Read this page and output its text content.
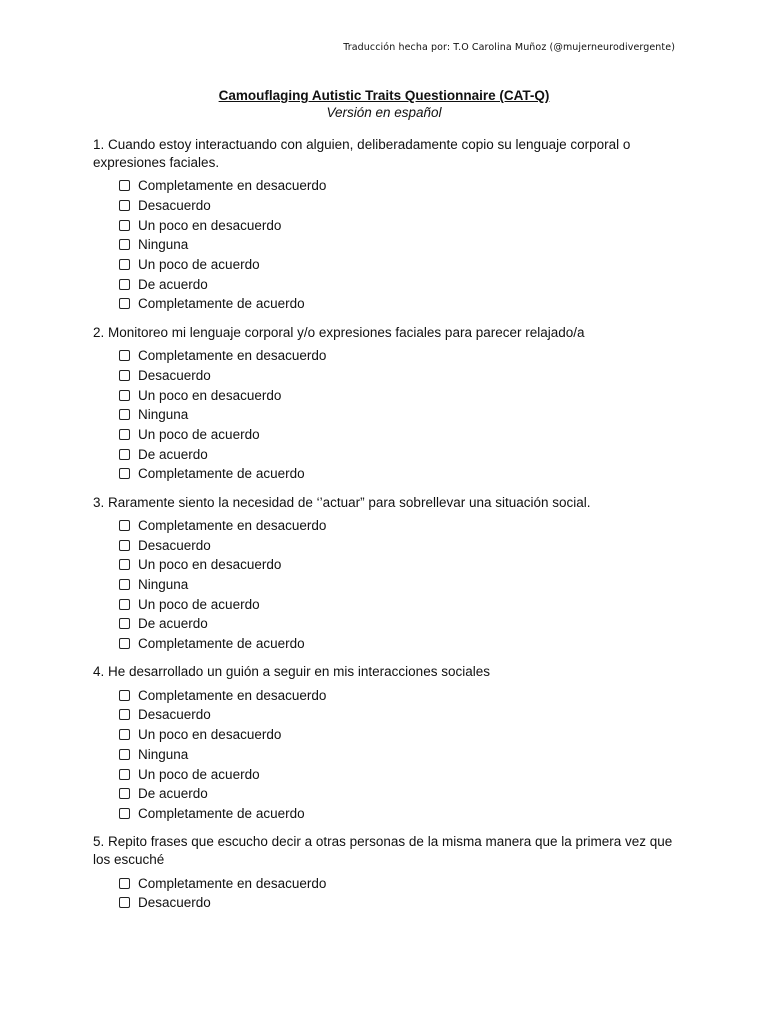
Traducción hecha por: T.O Carolina Muñoz (@mujerneurodivergente)
Camouflaging Autistic Traits Questionnaire (CAT-Q)
Versión en español
1. Cuando estoy interactuando con alguien, deliberadamente copio su lenguaje corporal o expresiones faciales.
Completamente en desacuerdo
Desacuerdo
Un poco en desacuerdo
Ninguna
Un poco de acuerdo
De acuerdo
Completamente de acuerdo
2. Monitoreo mi lenguaje corporal y/o expresiones faciales para parecer relajado/a
Completamente en desacuerdo
Desacuerdo
Un poco en desacuerdo
Ninguna
Un poco de acuerdo
De acuerdo
Completamente de acuerdo
3. Raramente siento la necesidad de ‘’actuar” para sobrellevar una situación social.
Completamente en desacuerdo
Desacuerdo
Un poco en desacuerdo
Ninguna
Un poco de acuerdo
De acuerdo
Completamente de acuerdo
4. He desarrollado un guión a seguir en mis interacciones sociales
Completamente en desacuerdo
Desacuerdo
Un poco en desacuerdo
Ninguna
Un poco de acuerdo
De acuerdo
Completamente de acuerdo
5. Repito frases que escucho decir a otras personas de la misma manera que la primera vez que los escuché
Completamente en desacuerdo
Desacuerdo
